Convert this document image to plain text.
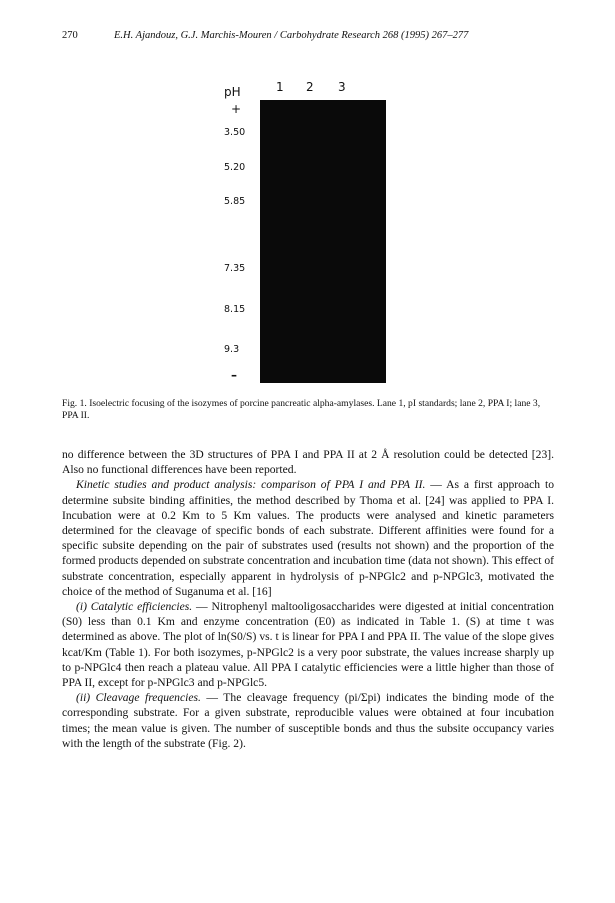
270	E.H. Ajandouz, G.J. Marchis-Mouren / Carbohydrate Research 268 (1995) 267–277
pH	1 2 3
+
3.50
5.20
5.85
7.35
8.15
9.3
–
Fig. 1. Isoelectric focusing of the isozymes of porcine pancreatic alpha-amylases. Lane 1, pI standards; lane 2, PPA I; lane 3, PPA II.

no difference between the 3D structures of PPA I and PPA II at 2 Å resolution could be detected [23]. Also no functional differences have been reported.

Kinetic studies and product analysis: comparison of PPA I and PPA II. — As a first approach to determine subsite binding affinities, the method described by Thoma et al. [24] was applied to PPA I. Incubation were at 0.2 Km to 5 Km values. The products were analysed and kinetic parameters determined for the cleavage of specific bonds of each substrate. Different affinities were found for a specific subsite depending on the pair of substrates used (results not shown) and the proportion of the formed products depended on substrate concentration and incubation time (data not shown). This effect of substrate concentration, especially apparent in hydrolysis of p-NPGlc2 and p-NPGlc3, motivated the choice of the method of Suganuma et al. [16]

(i) Catalytic efficiencies. — Nitrophenyl maltooligosaccharides were digested at initial concentration (S0) less than 0.1 Km and enzyme concentration (E0) as indicated in Table 1. (S) at time t was determined as above. The plot of ln(S0/S) vs. t is linear for PPA I and PPA II. The value of the slope gives kcat/Km (Table 1). For both isozymes, p-NPGlc2 is a very poor substrate, the values increase sharply up to p-NPGlc4 then reach a plateau value. All PPA I catalytic efficiencies were a little higher than those of PPA II, except for p-NPGlc3 and p-NPGlc5.

(ii) Cleavage frequencies. — The cleavage frequency (pi/Σpi) indicates the binding mode of the corresponding substrate. For a given substrate, reproducible values were obtained at four incubation times; the mean value is given. The number of susceptible bonds and thus the subsite occupancy varies with the length of the substrate (Fig. 2).
